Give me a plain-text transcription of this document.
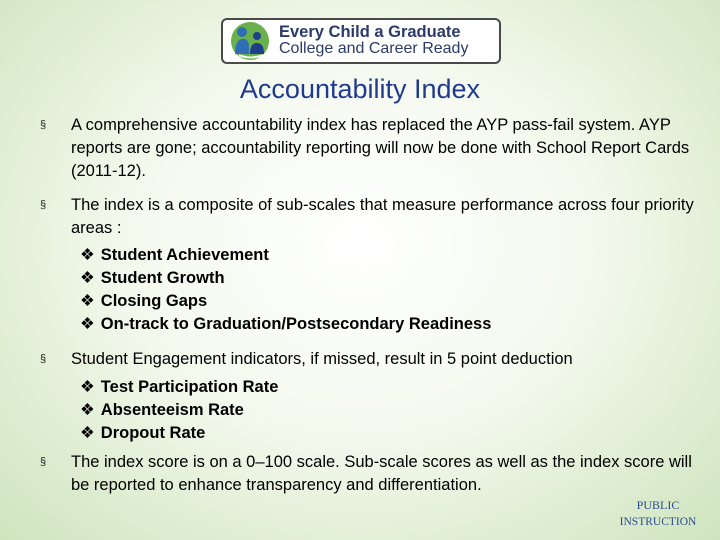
Every Child a Graduate
College and Career Ready
Accountability Index
§ A comprehensive accountability index has replaced the AYP pass-fail system. AYP reports are gone; accountability reporting will now be done with School Report Cards (2011-12).
§ The index is a composite of sub-scales that measure performance across four priority areas :
❖ Student Achievement
❖ Student Growth
❖ Closing Gaps
❖ On-track to Graduation/Postsecondary Readiness
§ Student Engagement indicators, if missed, result in 5 point deduction
❖ Test Participation Rate
❖ Absenteeism Rate
❖ Dropout Rate
§ The index score is on a 0–100 scale. Sub-scale scores as well as the index score will be reported to enhance transparency and differentiation.
PUBLIC
INSTRUCTION
